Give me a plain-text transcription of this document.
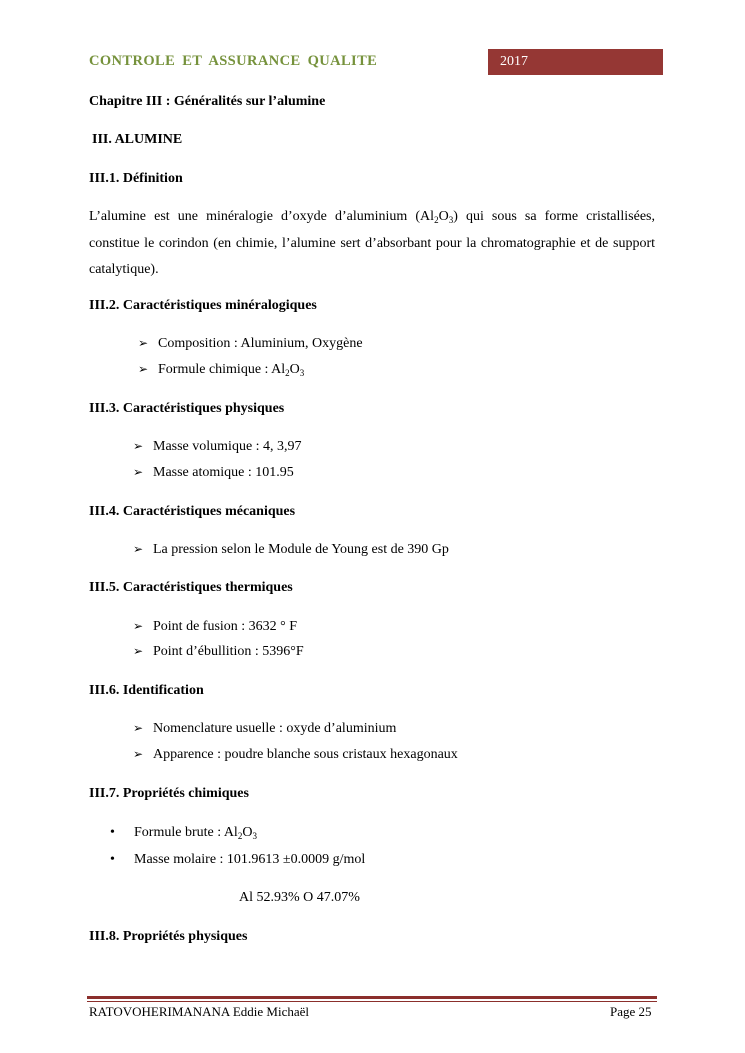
CONTROLE ET ASSURANCE QUALITE	2017
Chapitre III : Généralités sur l’alumine
III. ALUMINE
III.1. Définition
L’alumine est une minéralogie d’oxyde d’aluminium $(Al_2O_3)$ qui sous sa forme cristallisées, constitue le corindon (en chimie, l’alumine sert d’absorbant pour la chromatographie et de support catalytique).
III.2. Caractéristiques minéralogiques
➢ Composition : Aluminium, Oxygène
➢ Formule chimique : $Al_2O_3$
III.3. Caractéristiques physiques
➢ Masse volumique : 4, 3,97
➢ Masse atomique : 101.95
III.4. Caractéristiques mécaniques
➢ La pression selon le Module de Young est de 390 Gp
III.5. Caractéristiques thermiques
➢ Point de fusion : 3632 ° F
➢ Point d’ébullition : 5396°F
III.6. Identification
➢ Nomenclature usuelle : oxyde d’aluminium
➢ Apparence : poudre blanche sous cristaux hexagonaux
III.7. Propriétés chimiques
• Formule brute : $Al_2O_3$
• Masse molaire : 101.9613 ±0.0009 g/mol
Al 52.93% O 47.07%
III.8. Propriétés physiques
RATOVOHERIMANANA Eddie Michaël	Page 25
